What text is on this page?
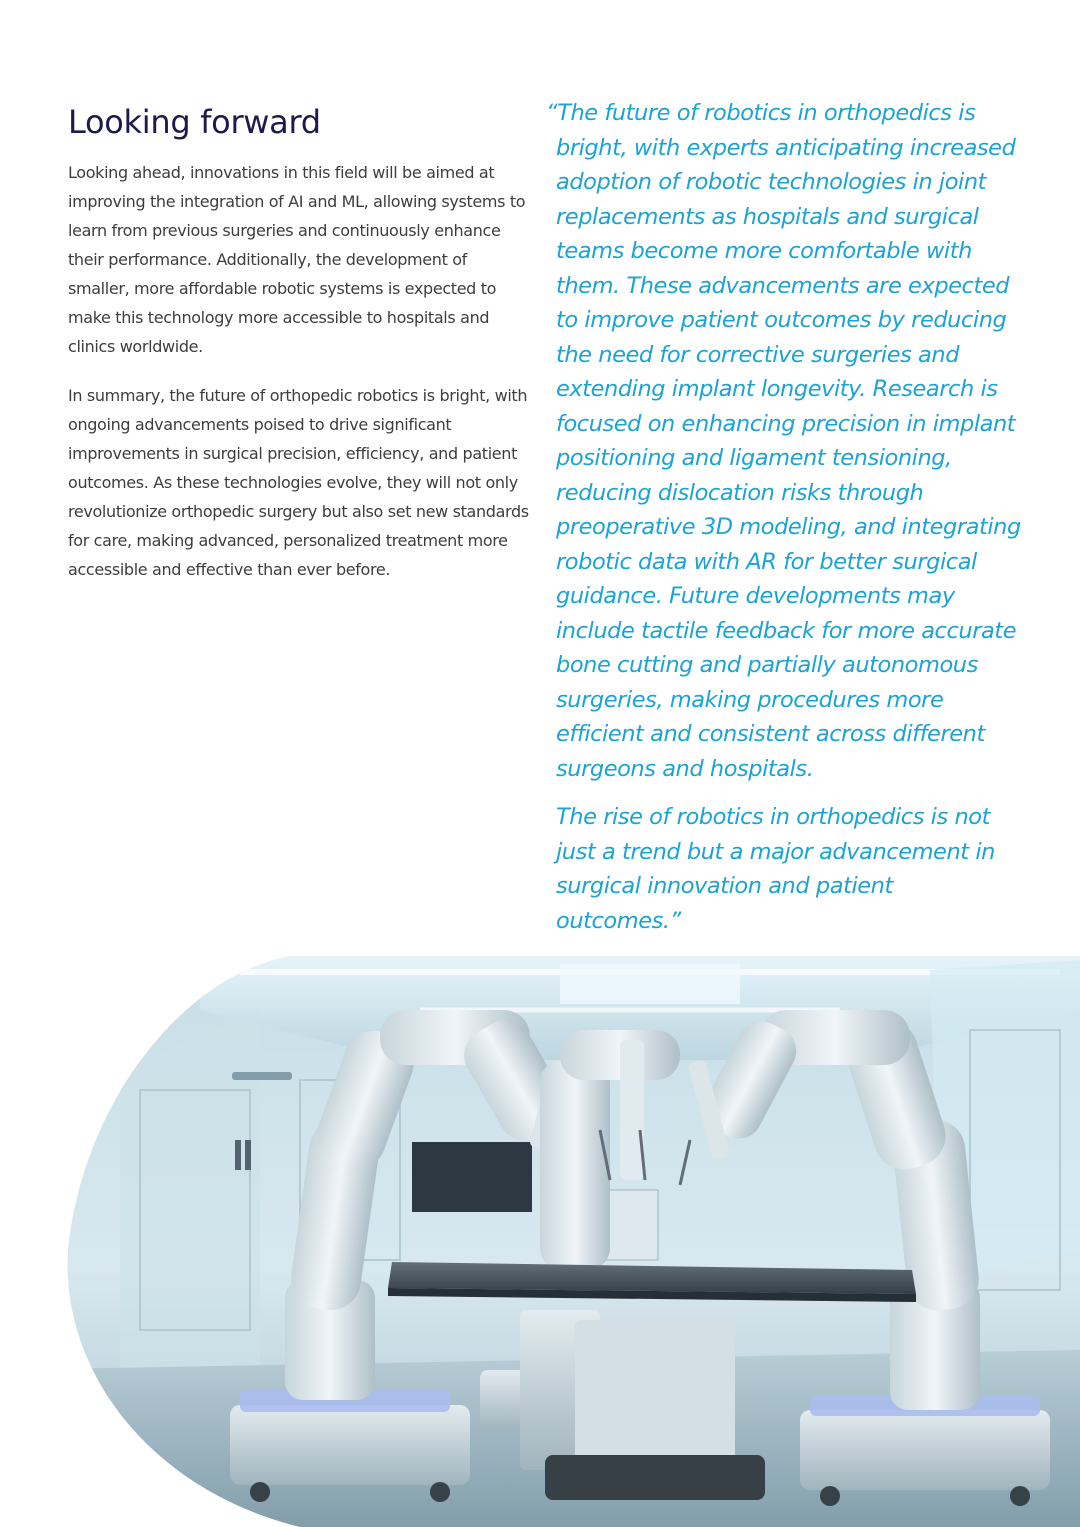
Looking forward

Looking ahead, innovations in this field will be aimed at improving the integration of AI and ML, allowing systems to learn from previous surgeries and continuously enhance their performance. Additionally, the development of smaller, more affordable robotic systems is expected to make this technology more accessible to hospitals and clinics worldwide.

In summary, the future of orthopedic robotics is bright, with ongoing advancements poised to drive significant improvements in surgical precision, efficiency, and patient outcomes. As these technologies evolve, they will not only revolutionize orthopedic surgery but also set new standards for care, making advanced, personalized treatment more accessible and effective than ever before.

“The future of robotics in orthopedics is bright, with experts anticipating increased adoption of robotic technologies in joint replacements as hospitals and surgical teams become more comfortable with them. These advancements are expected to improve patient outcomes by reducing the need for corrective surgeries and extending implant longevity. Research is focused on enhancing precision in implant positioning and ligament tensioning, reducing dislocation risks through preoperative 3D modeling, and integrating robotic data with AR for better surgical guidance. Future developments may include tactile feedback for more accurate bone cutting and partially autonomous surgeries, making procedures more efficient and consistent across different surgeons and hospitals.

The rise of robotics in orthopedics is not just a trend but a major advancement in surgical innovation and patient outcomes.”
